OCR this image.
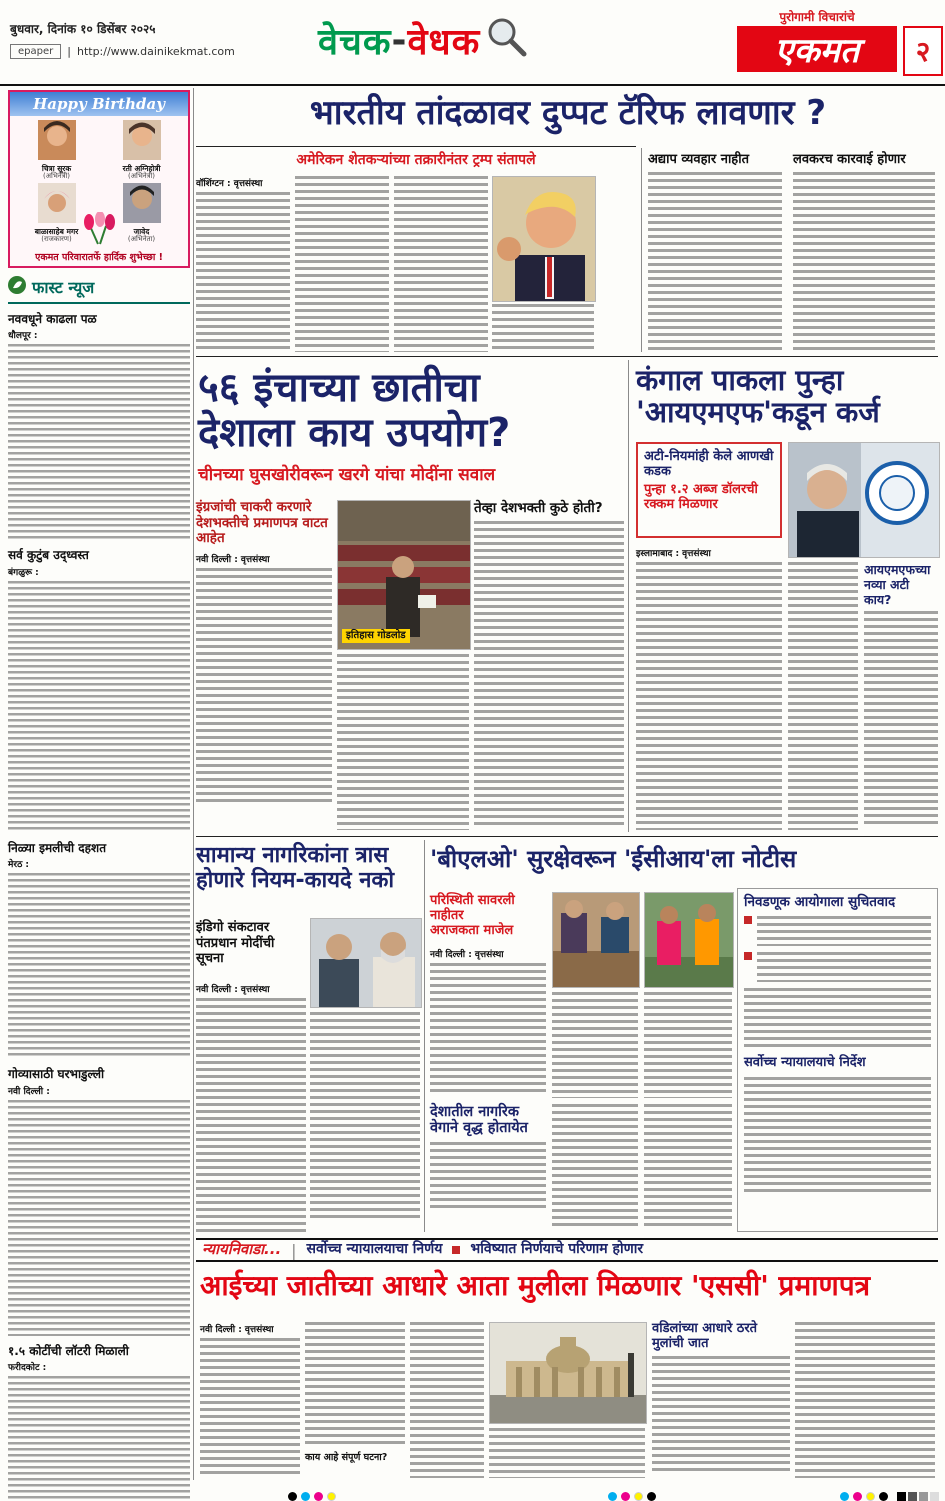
बुधवार, दिनांक १० डिसेंबर २०२५
epaper	| http://www.dainikekmat.com वेचक - वेधक
पुरोगामी विचारांचे
एकमत	२
Happy Birthday
चित्रा सूरक
(अभिनेत्री)
रती अग्निहोत्री
(अभिनेत्री)
बाळासाहेब मगर
(राजकारण)
जावेद
(अभिनेता)
एकमत परिवारातर्फे हार्दिक शुभेच्छा !
फास्ट न्यूज
नववधूने काढला पळ
धौलपूर :
सर्व कुटुंब उद्ध्वस्त
बंगळुरू :
निळ्या इमलीची दहशत
मेरठ :
गोव्यासाठी घरभाडुल्ली
नवी दिल्ली :
१.५ कोटींची लॉटरी मिळाली
फरीदकोट :
भारतीय तांदळावर दुप्पट टॅरिफ लावणार ?
अमेरिकन शेतकऱ्यांच्या तक्रारीनंतर ट्रम्प संतापले	अद्याप व्यवहार नाहीत	लवकरच कारवाई होणार
वॉशिंग्टन : वृत्तसंस्था
५६ इंचाच्या छातीचा
देशाला काय उपयोग?
चीनच्या घुसखोरीवरून खरगे यांचा मोदींना सवाल
इंग्रजांची चाकरी करणारे देशभक्तीचे प्रमाणपत्र वाटत आहेत
नवी दिल्ली : वृत्तसंस्था
इतिहास गोडलोड
तेव्हा देशभक्ती कुठे होती?
कंगाल पाकला पुन्हा
'आयएमएफ'कडून कर्ज
अटी-नियमांही केले आणखी कडक
पुन्हा १.२ अब्ज डॉलरची रक्कम मिळणार
इस्लामाबाद : वृत्तसंस्था
आयएमएफच्या नव्या अटी काय?
सामान्य नागरिकांना त्रास होणारे नियम-कायदे नको
इंडिगो संकटावर पंतप्रधान मोदींची सूचना
नवी दिल्ली : वृत्तसंस्था
'बीएलओ' सुरक्षेवरून 'ईसीआय'ला नोटीस
परिस्थिती सावरली नाहीतर
अराजकता माजेल
नवी दिल्ली : वृत्तसंस्था
देशातील नागरिक वेगाने वृद्ध होतायेत
निवडणूक आयोगाला सुचितवाद
सर्वोच्च न्यायालयाचे निर्देश
न्यायनिवाडा... | सर्वोच्च न्यायालयाचा निर्णय भविष्यात निर्णयाचे परिणाम होणार
आईच्या जातीच्या आधारे आता मुलीला मिळणार 'एससी' प्रमाणपत्र
नवी दिल्ली : वृत्तसंस्था
काय आहे संपूर्ण घटना?
वडिलांच्या आधारे ठरते मुलांची जात
